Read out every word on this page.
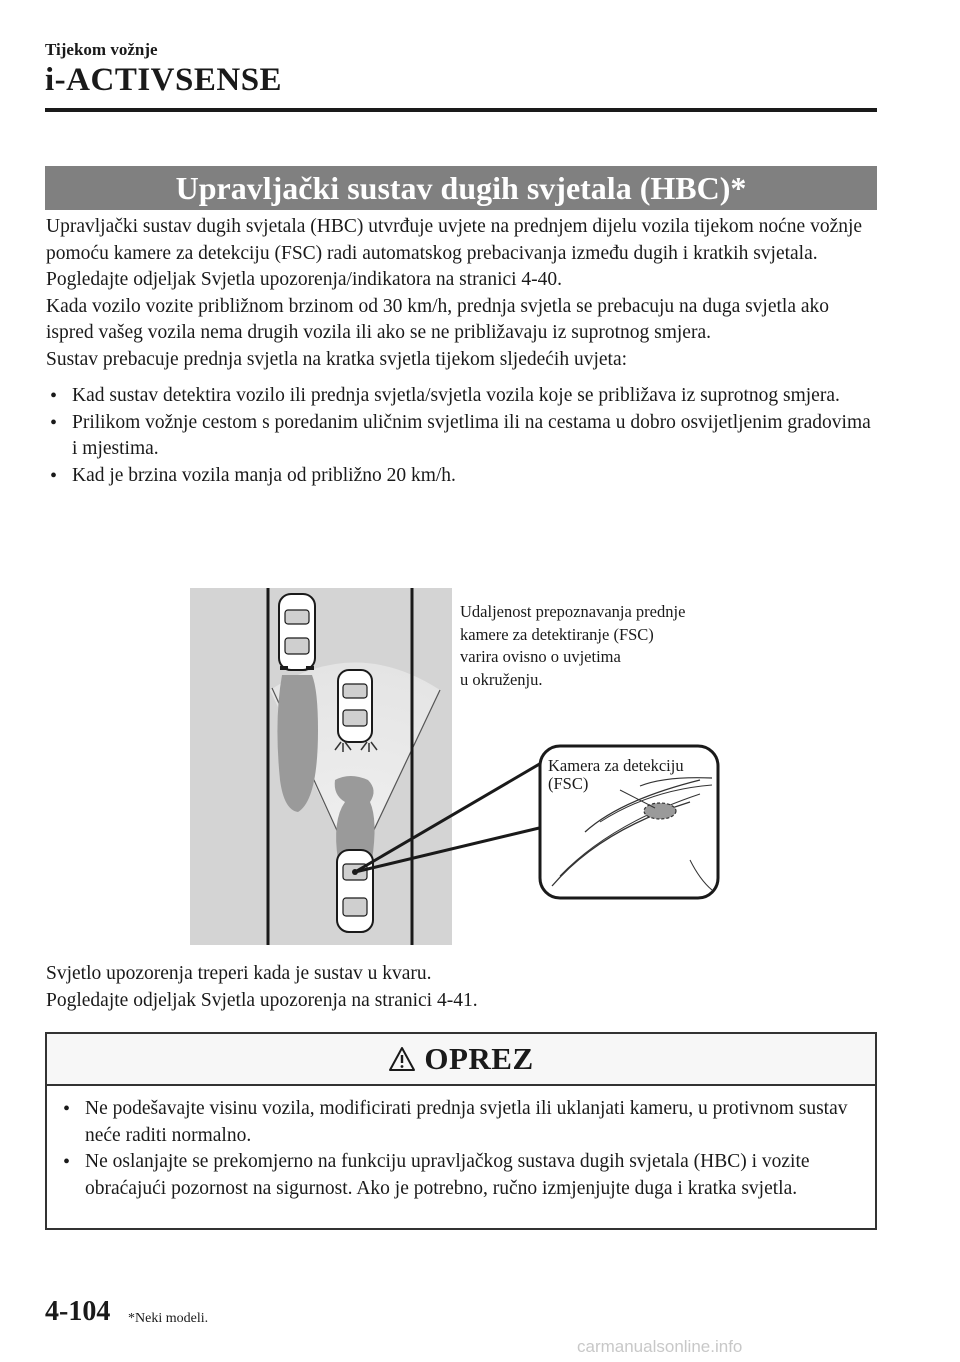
Tijekom vožnje
i-ACTIVSENSE
Upravljački sustav dugih svjetala (HBC)*

Upravljački sustav dugih svjetala (HBC) utvrđuje uvjete na prednjem dijelu vozila tijekom noćne vožnje pomoću kamere za detekciju (FSC) radi automatskog prebacivanja između dugih i kratkih svjetala.

Pogledajte odjeljak Svjetla upozorenja/indikatora na stranici 4-40.

Kada vozilo vozite približnom brzinom od 30 km/h, prednja svjetla se prebacuju na duga svjetla ako ispred vašeg vozila nema drugih vozila ili ako se ne približavaju iz suprotnog smjera.

Sustav prebacuje prednja svjetla na kratka svjetla tijekom sljedećih uvjeta:

• Kad sustav detektira vozilo ili prednja svjetla/svjetla vozila koje se približava iz suprotnog smjera.
• Prilikom vožnje cestom s poredanim uličnim svjetlima ili na cestama u dobro osvijetljenim gradovima i mjestima.
• Kad je brzina vozila manja od približno 20 km/h.
Udaljenost prepoznavanja prednje
kamere za detektiranje (FSC)
varira ovisno o uvjetima
u okruženju.
Kamera za detekciju
(FSC)

Svjetlo upozorenja treperi kada je sustav u kvaru.

Pogledajte odjeljak Svjetla upozorenja na stranici 4-41.

OPREZ
• Ne podešavajte visinu vozila, modificirati prednja svjetla ili uklanjati kameru, u protivnom sustav neće raditi normalno.
• Ne oslanjajte se prekomjerno na funkciju upravljačkog sustava dugih svjetala (HBC) i vozite obraćajući pozornost na sigurnost. Ako je potrebno, ručno izmjenjujte duga i kratka svjetla.
4-104 *Neki modeli.
carmanualsonline.info
